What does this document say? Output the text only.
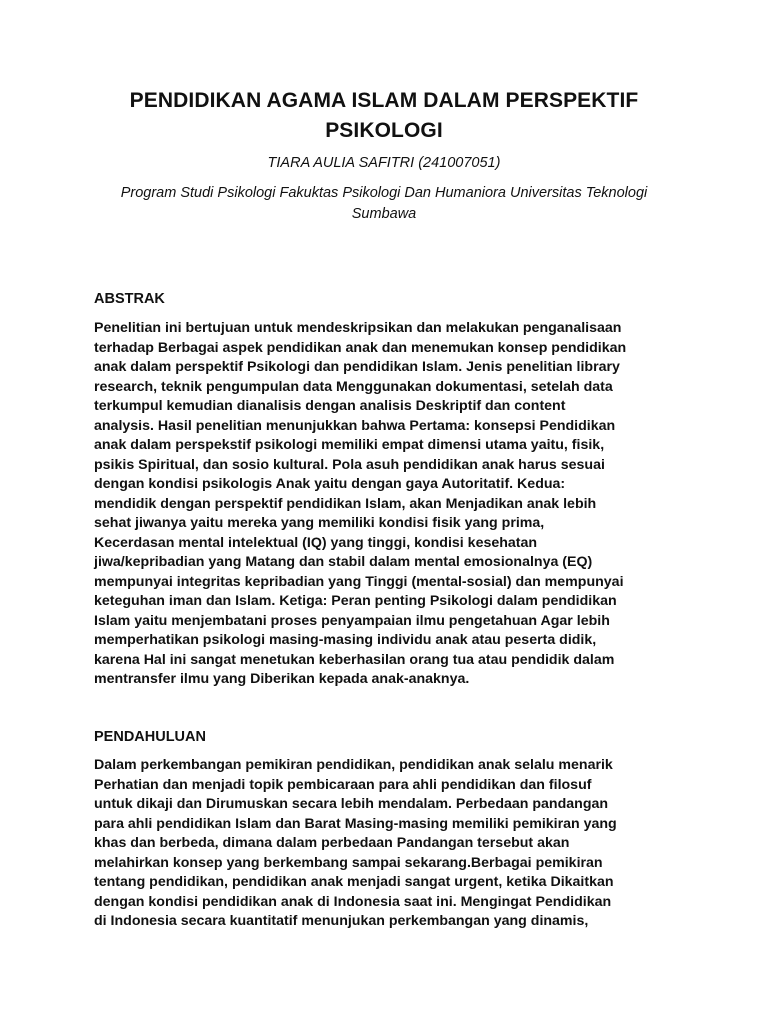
PENDIDIKAN AGAMA ISLAM DALAM PERSPEKTIF
PSIKOLOGI

TIARA AULIA SAFITRI (241007051)

Program Studi Psikologi Fakuktas Psikologi Dan Humaniora Universitas Teknologi
Sumbawa

ABSTRAK
Penelitian ini bertujuan untuk mendeskripsikan dan melakukan penganalisaan
terhadap Berbagai aspek pendidikan anak dan menemukan konsep pendidikan
anak dalam perspektif Psikologi dan pendidikan Islam. Jenis penelitian library
research, teknik pengumpulan data Menggunakan dokumentasi, setelah data
terkumpul kemudian dianalisis dengan analisis Deskriptif dan content
analysis. Hasil penelitian menunjukkan bahwa Pertama: konsepsi Pendidikan
anak dalam perspekstif psikologi memiliki empat dimensi utama yaitu, fisik,
psikis Spiritual, dan sosio kultural. Pola asuh pendidikan anak harus sesuai
dengan kondisi psikologis Anak yaitu dengan gaya Autoritatif. Kedua:
mendidik dengan perspektif pendidikan Islam, akan Menjadikan anak lebih
sehat jiwanya yaitu mereka yang memiliki kondisi fisik yang prima,
Kecerdasan mental intelektual (IQ) yang tinggi, kondisi kesehatan
jiwa/kepribadian yang Matang dan stabil dalam mental emosionalnya (EQ)
mempunyai integritas kepribadian yang Tinggi (mental-sosial) dan mempunyai
keteguhan iman dan Islam. Ketiga: Peran penting Psikologi dalam pendidikan
Islam yaitu menjembatani proses penyampaian ilmu pengetahuan Agar lebih
memperhatikan psikologi masing-masing individu anak atau peserta didik,
karena Hal ini sangat menetukan keberhasilan orang tua atau pendidik dalam
mentransfer ilmu yang Diberikan kepada anak-anaknya.
PENDAHULUAN
Dalam perkembangan pemikiran pendidikan, pendidikan anak selalu menarik
Perhatian dan menjadi topik pembicaraan para ahli pendidikan dan filosuf
untuk dikaji dan Dirumuskan secara lebih mendalam. Perbedaan pandangan
para ahli pendidikan Islam dan Barat Masing-masing memiliki pemikiran yang
khas dan berbeda, dimana dalam perbedaan Pandangan tersebut akan
melahirkan konsep yang berkembang sampai sekarang.Berbagai pemikiran
tentang pendidikan, pendidikan anak menjadi sangat urgent, ketika Dikaitkan
dengan kondisi pendidikan anak di Indonesia saat ini. Mengingat Pendidikan
di Indonesia secara kuantitatif menunjukan perkembangan yang dinamis,
